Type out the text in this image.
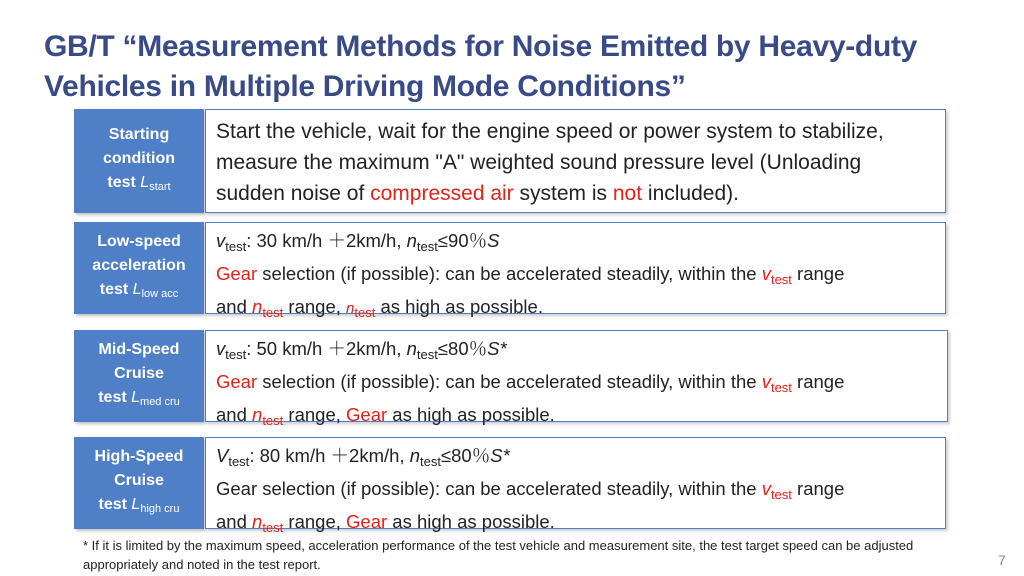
GB/T “Measurement Methods for Noise Emitted by Heavy-duty Vehicles in Multiple Driving Mode Conditions”
Starting
condition
test $L_{start}$
Start the vehicle, wait for the engine speed or power system to stabilize, measure the maximum "A" weighted sound pressure level (Unloading sudden noise of compressed air system is not included).
Low-speed
acceleration
test $L_{low acc}$
$v_{test}$: 30 km/h ＋2km/h, $n_{test}\le 90$％S
Gear selection (if possible): can be accelerated steadily, within the $v_{test}$ range
and $n_{test}$ range, $n_{test}$ as high as possible.
Mid-Speed
Cruise
test $L_{med cru}$
$v_{test}$: 50 km/h ＋2km/h, $n_{test}\le 80$％S*
Gear selection (if possible): can be accelerated steadily, within the $v_{test}$ range
and $n_{test}$ range, Gear as high as possible.
High-Speed
Cruise
test $L_{high cru}$
$V_{test}$: 80 km/h ＋2km/h, $n_{test}\le 80$％S*
Gear selection (if possible): can be accelerated steadily, within the $v_{test}$ range
and $n_{test}$ range, Gear as high as possible.
* If it is limited by the maximum speed, acceleration performance of the test vehicle and measurement site, the test target speed can be adjusted appropriately and noted in the test report.	7
